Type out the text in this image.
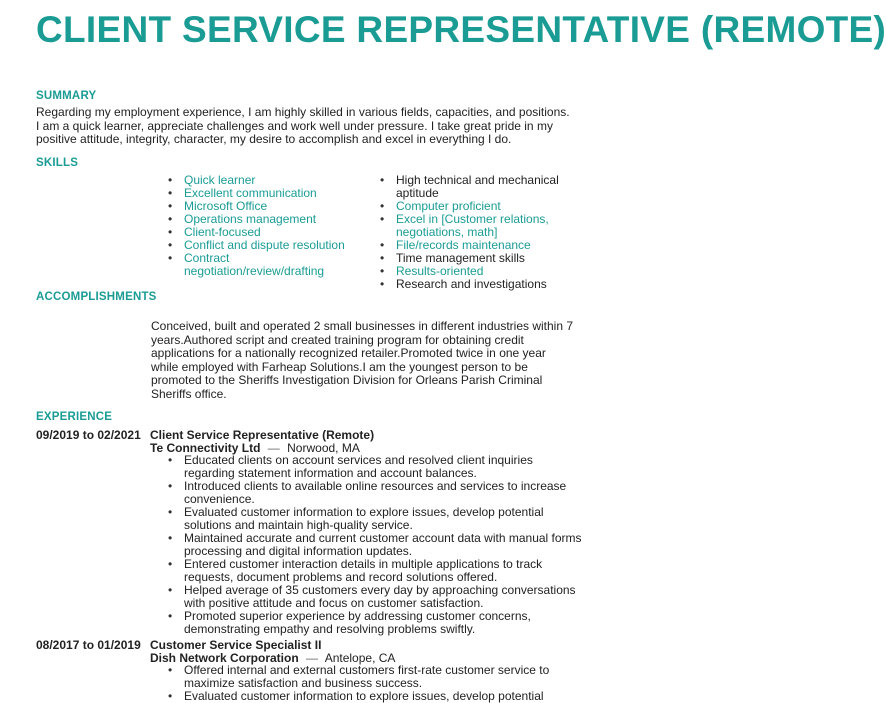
CLIENT SERVICE REPRESENTATIVE (REMOTE)
SUMMARY
Regarding my employment experience, I am highly skilled in various fields, capacities, and positions. I am a quick learner, appreciate challenges and work well under pressure. I take great pride in my positive attitude, integrity, character, my desire to accomplish and excel in everything I do.
SKILLS
• Quick learner
• Excellent communication
• Microsoft Office
• Operations management
• Client-focused
• Conflict and dispute resolution
• Contract negotiation/review/drafting
• High technical and mechanical aptitude
• Computer proficient
• Excel in [Customer relations, negotiations, math]
• File/records maintenance
• Time management skills
• Results-oriented
• Research and investigations
ACCOMPLISHMENTS
Conceived, built and operated 2 small businesses in different industries within 7 years.Authored script and created training program for obtaining credit applications for a nationally recognized retailer.Promoted twice in one year while employed with Farheap Solutions.I am the youngest person to be promoted to the Sheriffs Investigation Division for Orleans Parish Criminal Sheriffs office.
EXPERIENCE
09/2019 to 02/2021 Client Service Representative (Remote)
Te Connectivity Ltd — Norwood, MA
• Educated clients on account services and resolved client inquiries regarding statement information and account balances.
• Introduced clients to available online resources and services to increase convenience.
• Evaluated customer information to explore issues, develop potential solutions and maintain high-quality service.
• Maintained accurate and current customer account data with manual forms processing and digital information updates.
• Entered customer interaction details in multiple applications to track requests, document problems and record solutions offered.
• Helped average of 35 customers every day by approaching conversations with positive attitude and focus on customer satisfaction.
• Promoted superior experience by addressing customer concerns, demonstrating empathy and resolving problems swiftly.
08/2017 to 01/2019 Customer Service Specialist II
Dish Network Corporation — Antelope, CA
• Offered internal and external customers first-rate customer service to maximize satisfaction and business success.
• Evaluated customer information to explore issues, develop potential
